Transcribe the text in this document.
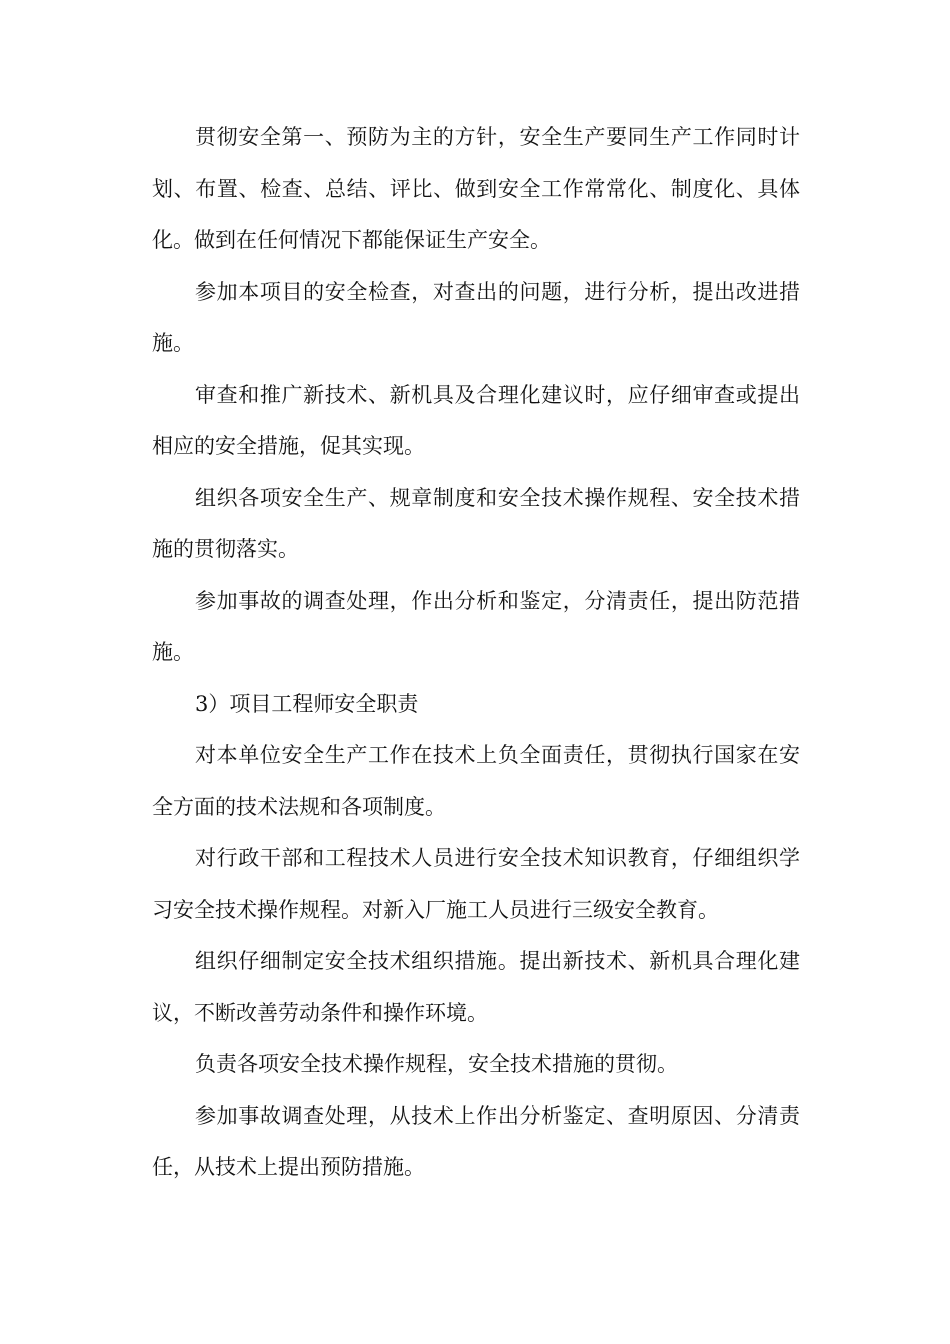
贯彻安全第一、预防为主的方针，安全生产要同生产工作同时计划、布置、检查、总结、评比、做到安全工作常常化、制度化、具体化。做到在任何情况下都能保证生产安全。

参加本项目的安全检查，对查出的问题，进行分析，提出改进措施。

审查和推广新技术、新机具及合理化建议时，应仔细审查或提出相应的安全措施，促其实现。

组织各项安全生产、规章制度和安全技术操作规程、安全技术措施的贯彻落实。

参加事故的调查处理，作出分析和鉴定，分清责任，提出防范措施。

3）项目工程师安全职责

对本单位安全生产工作在技术上负全面责任，贯彻执行国家在安全方面的技术法规和各项制度。

对行政干部和工程技术人员进行安全技术知识教育，仔细组织学习安全技术操作规程。对新入厂施工人员进行三级安全教育。

组织仔细制定安全技术组织措施。提出新技术、新机具合理化建议，不断改善劳动条件和操作环境。

负责各项安全技术操作规程，安全技术措施的贯彻。

参加事故调查处理，从技术上作出分析鉴定、查明原因、分清责任，从技术上提出预防措施。
